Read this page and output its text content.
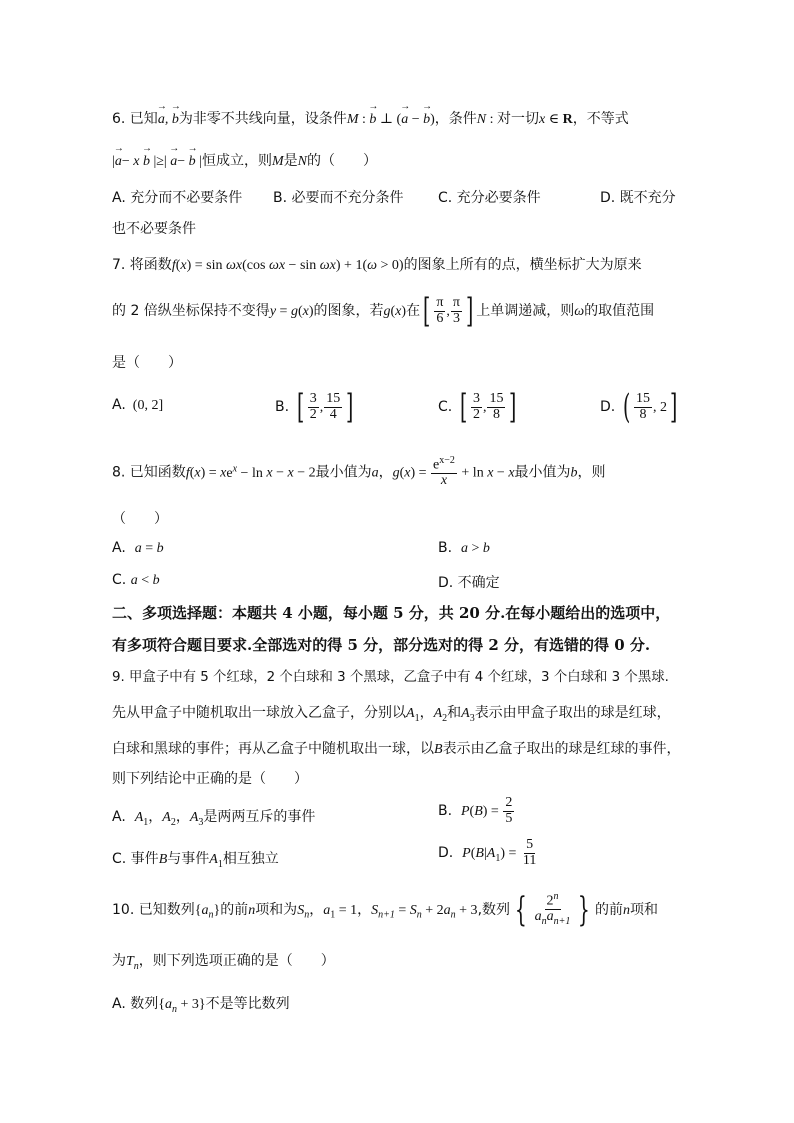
6. 已知→ a, → b为非零不共线向量，设条件M : → b ⊥ (→ a − → b)，条件N : 对一切x ∈ R，不等式
|→ a− x → b |≥| → a− → b |恒成立，则M是N的（　　）
A. 充分而不必要条件 B. 必要而不充分条件 C. 充分必要条件	D. 既不充分
也不必要条件
7. 将函数f(x) = sin ωx(cos ωx − sin ωx) + 1(ω > 0)的图象上所有的点，横坐标扩大为原来
的 2 倍纵坐标保持不变得y = g(x)的图象，若g(x)在[ $\frac{\pi}{6}$ , $\frac{\pi}{3}$ ] 上单调递减，则ω的取值范围
是（　　）
A.  (0, 2]	B. [ $\frac{3}{2}$ , $\frac{15}{4}$ ]	C. [ $\frac{3}{2}$ , $\frac{15}{8}$ ]	D. ( $\frac{15}{8}$ , 2]
8. 已知函数$f(x) = xe^x - \ln x - x - 2$最小值为a，$g(x) = \frac{e^{x-2}}{x} + \ln x - x$最小值为b，则
（　　）
A. a = b	B. a > b
C. a < b	D. 不确定
二、多项选择题：本题共 4 小题，每小题 5 分，共 20 分.在每小题给出的选项中，
有多项符合题目要求.全部选对的得 5 分，部分选对的得 2 分，有选错的得 0 分.
9. 甲盒子中有 5 个红球，2 个白球和 3 个黑球，乙盒子中有 4 个红球，3 个白球和 3 个黑球.
先从甲盒子中随机取出一球放入乙盒子，分别以$A_1$，$A_2$和$A_3$表示由甲盒子取出的球是红球，
白球和黑球的事件；再从乙盒子中随机取出一球，以B表示由乙盒子取出的球是红球的事件，
则下列结论中正确的是（　　）
A. $A_1$，$A_2$，$A_3$是两两互斥的事件	B. $P(B) = \frac{2}{5}$
C. 事件B与事件$A_1$相互独立	D. $P(B|A_1) = \frac{5}{11}$
10. 已知数列$\{a_n\}$的前n项和为$S_n$，$a_1 = 1$，$S_{n+1} = S_n + 2a_n + 3$,数列 { $\frac{2^n}{a_na_{n+1}}$ } 的前n项和
为$T_n$，则下列选项正确的是（　　）
A. 数列$\{a_n + 3\}$不是等比数列
